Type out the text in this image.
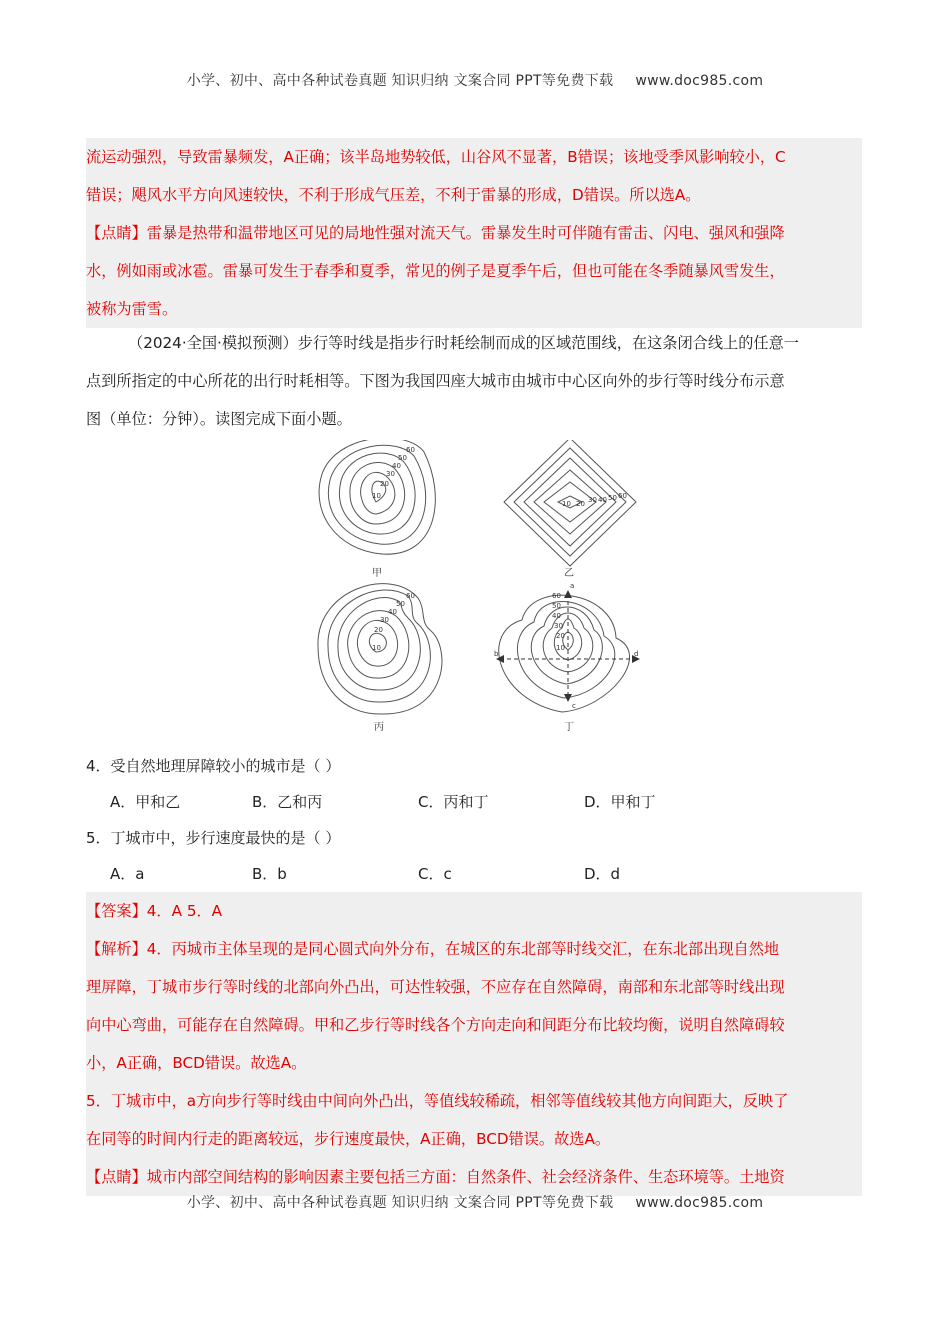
小学、初中、高中各种试卷真题 知识归纳 文案合同 PPT等免费下载 www.doc985.com
流运动强烈，导致雷暴频发，A正确；该半岛地势较低，山谷风不显著，B错误；该地受季风影响较小，C
错误；飓风水平方向风速较快，不利于形成气压差，不利于雷暴的形成，D错误。所以选A。
【点睛】雷暴是热带和温带地区可见的局地性强对流天气。雷暴发生时可伴随有雷击、闪电、强风和强降
水，例如雨或冰雹。雷暴可发生于春季和夏季，常见的例子是夏季午后，但也可能在冬季随暴风雪发生，
被称为雷雪。
（2024·全国·模拟预测）步行等时线是指步行时耗绘制而成的区域范围线，在这条闭合线上的任意一
点到所指定的中心所花的出行时耗相等。下图为我国四座大城市由城市中心区向外的步行等时线分布示意
图（单位：分钟）。读图完成下面小题。
10
20
30
40
50
60
10 20 30 40 50 60
10
20
30
40
50
60
10
20
30
40
50
60
a
b
c
d
甲	乙
丙	丁
4．受自然地理屏障较小的城市是（ ）
A．甲和乙	B．乙和丙	C．丙和丁	D．甲和丁
5．丁城市中，步行速度最快的是（ ）
A．a	B．b	C．c	D．d
【答案】4．A 5．A
【解析】4．丙城市主体呈现的是同心圆式向外分布，在城区的东北部等时线交汇，在东北部出现自然地
理屏障，丁城市步行等时线的北部向外凸出，可达性较强，不应存在自然障碍，南部和东北部等时线出现
向中心弯曲，可能存在自然障碍。甲和乙步行等时线各个方向走向和间距分布比较均衡，说明自然障碍较
小，A正确，BCD错误。故选A。
5．丁城市中，a方向步行等时线由中间向外凸出，等值线较稀疏，相邻等值线较其他方向间距大，反映了
在同等的时间内行走的距离较远，步行速度最快，A正确，BCD错误。故选A。
【点睛】城市内部空间结构的影响因素主要包括三方面：自然条件、社会经济条件、生态环境等。土地资
小学、初中、高中各种试卷真题 知识归纳 文案合同 PPT等免费下载 www.doc985.com
